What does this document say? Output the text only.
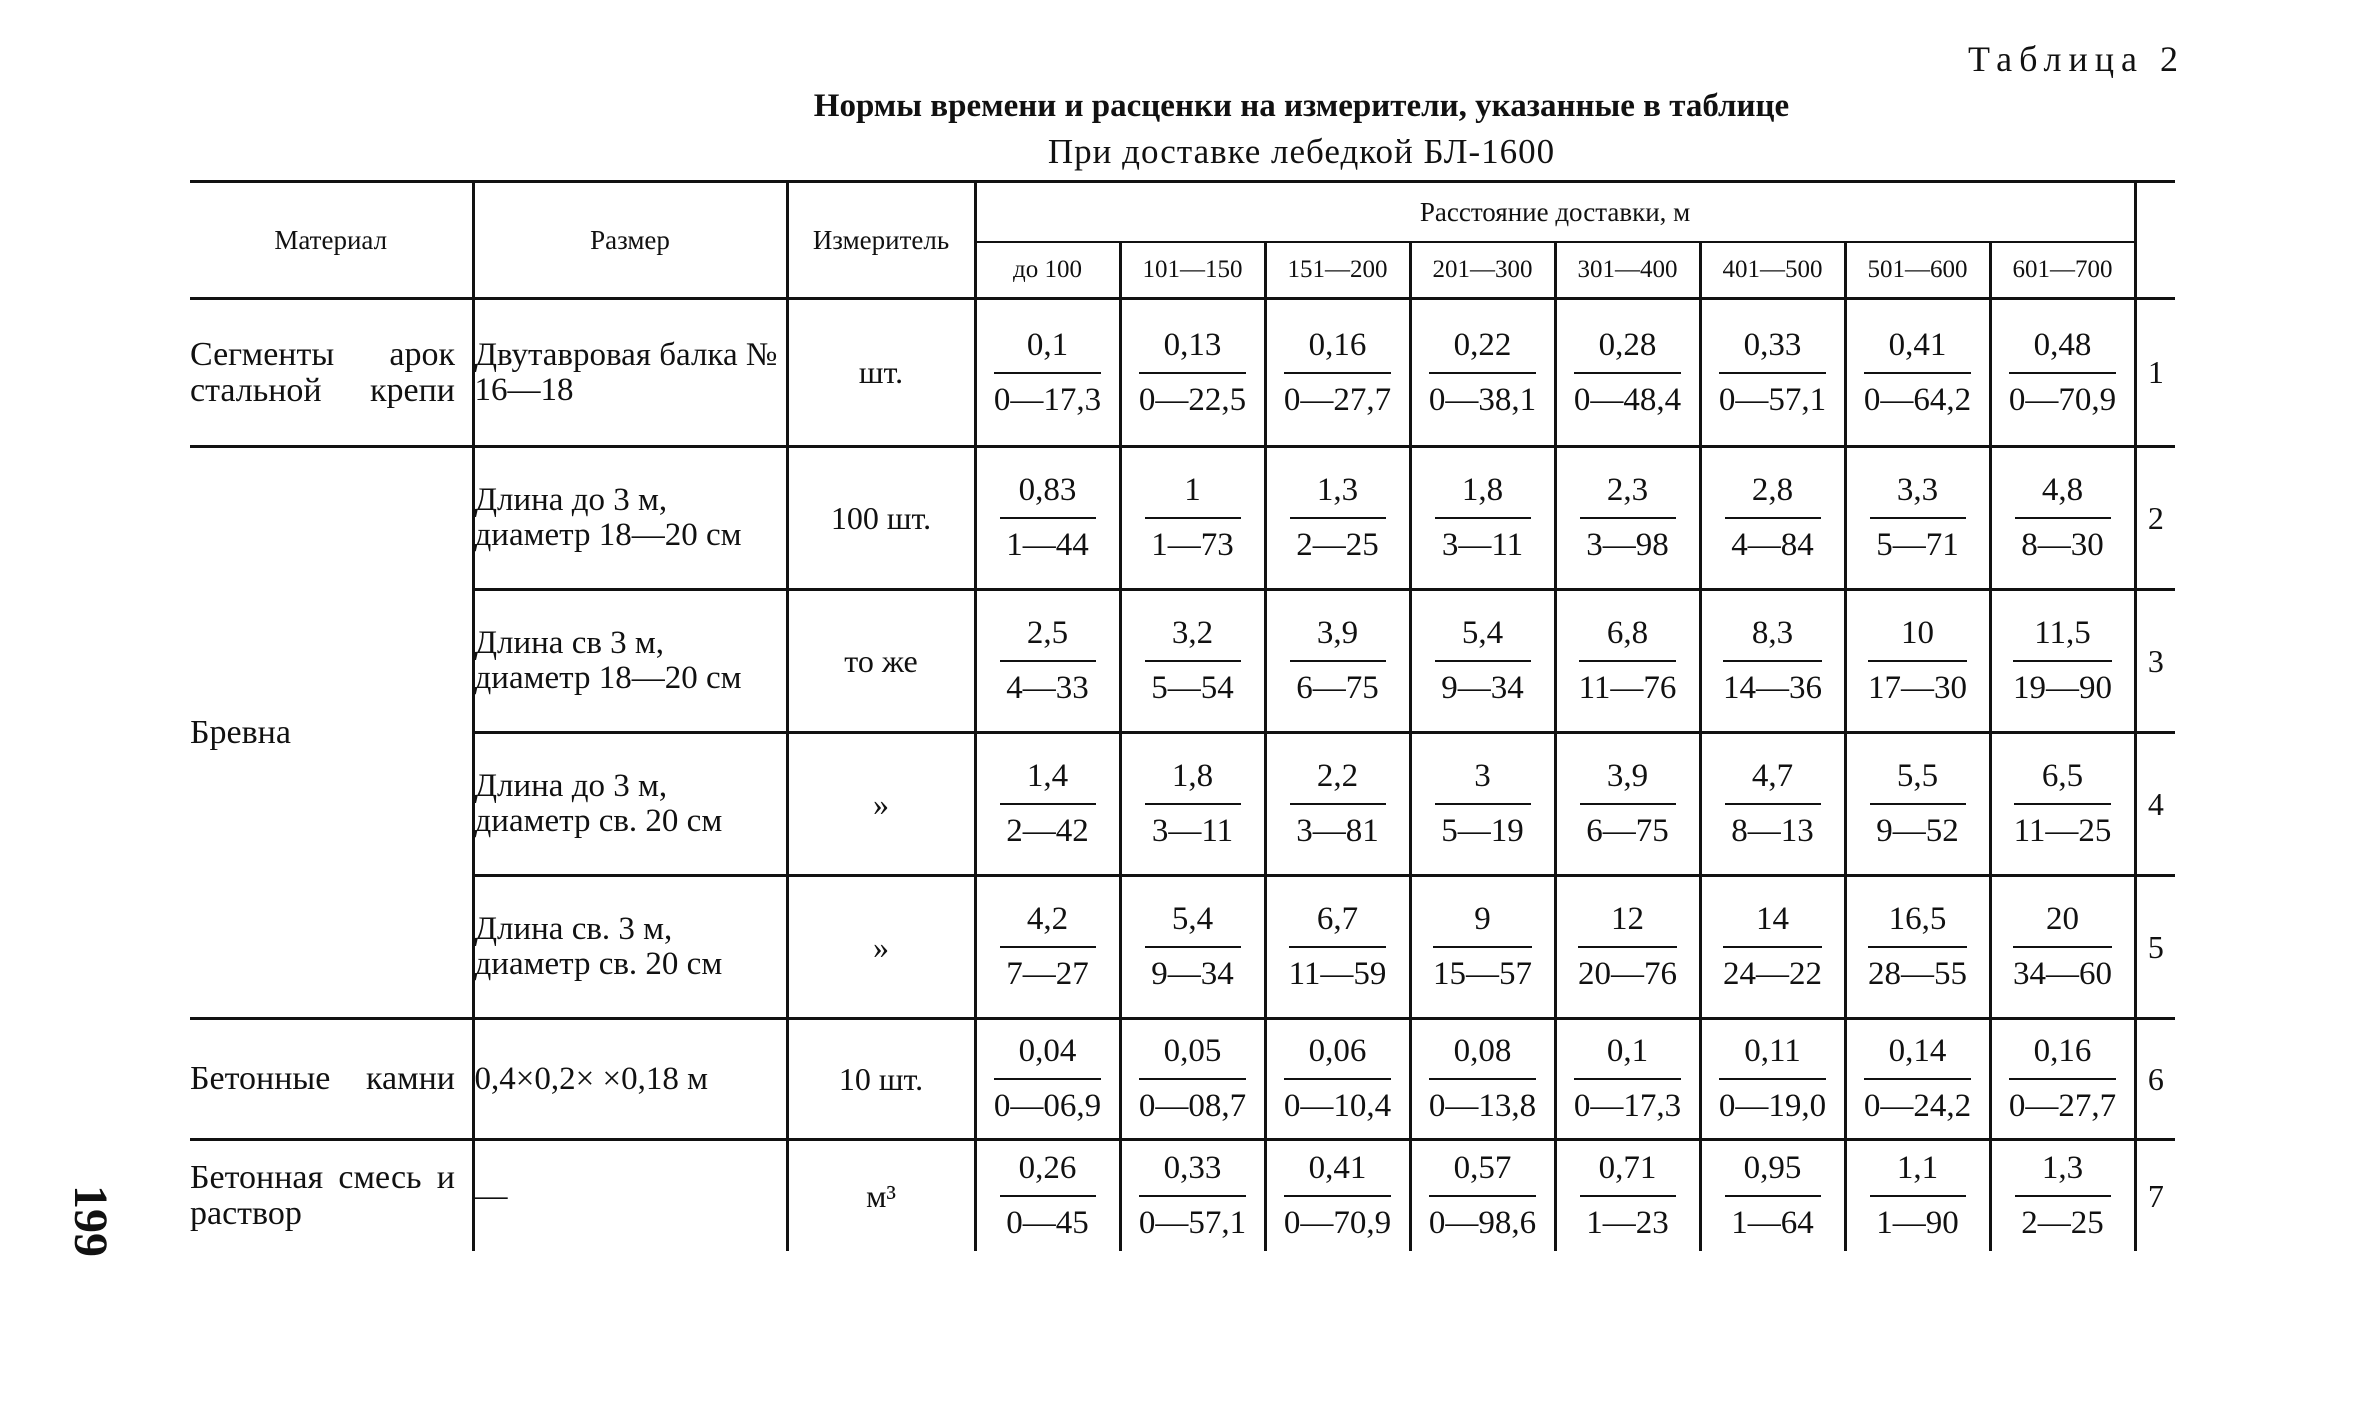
Таблица 2
Нормы времени и расценки на измерители, указанные в таблице
При доставке лебедкой БЛ-1600
199
Материал	Размер	Измеритель	Расстояние доставки, м								
			до 100	101—150	151—200	201—300	301—400	401—500	501—600	601—700	
Сегменты арок стальной крепи	Двутавровая балка № 16—18	шт.	$\frac{0,1}{0—17,3}$	$\frac{0,13}{0—22,5}$	$\frac{0,16}{0—27,7}$	$\frac{0,22}{0—38,1}$	$\frac{0,28}{0—48,4}$	$\frac{0,33}{0—57,1}$	$\frac{0,41}{0—64,2}$	$\frac{0,48}{0—70,9}$	1
Бревна	Длина до 3 м, диаметр 18—20 см	100 шт.	$\frac{0,83}{1—44}$	$\frac{1}{1—73}$	$\frac{1,3}{2—25}$	$\frac{1,8}{3—11}$	$\frac{2,3}{3—98}$	$\frac{2,8}{4—84}$	$\frac{3,3}{5—71}$	$\frac{4,8}{8—30}$	2
	Длина св 3 м, диаметр 18—20 см	то же	$\frac{2,5}{4—33}$	$\frac{3,2}{5—54}$	$\frac{3,9}{6—75}$	$\frac{5,4}{9—34}$	$\frac{6,8}{11—76}$	$\frac{8,3}{14—36}$	$\frac{10}{17—30}$	$\frac{11,5}{19—90}$	3
	Длина до 3 м, диаметр св. 20 см	»	$\frac{1,4}{2—42}$	$\frac{1,8}{3—11}$	$\frac{2,2}{3—81}$	$\frac{3}{5—19}$	$\frac{3,9}{6—75}$	$\frac{4,7}{8—13}$	$\frac{5,5}{9—52}$	$\frac{6,5}{11—25}$	4
	Длина св. 3 м, диаметр св. 20 см	»	$\frac{4,2}{7—27}$	$\frac{5,4}{9—34}$	$\frac{6,7}{11—59}$	$\frac{9}{15—57}$	$\frac{12}{20—76}$	$\frac{14}{24—22}$	$\frac{16,5}{28—55}$	$\frac{20}{34—60}$	5
Бетонные камни	0,4×0,2× ×0,18 м	10 шт.	$\frac{0,04}{0—06,9}$	$\frac{0,05}{0—08,7}$	$\frac{0,06}{0—10,4}$	$\frac{0,08}{0—13,8}$	$\frac{0,1}{0—17,3}$	$\frac{0,11}{0—19,0}$	$\frac{0,14}{0—24,2}$	$\frac{0,16}{0—27,7}$	6
Бетонная смесь и раствор	—	м³	$\frac{0,26}{0—45}$	$\frac{0,33}{0—57,1}$	$\frac{0,41}{0—70,9}$	$\frac{0,57}{0—98,6}$	$\frac{0,71}{1—23}$	$\frac{0,95}{1—64}$	$\frac{1,1}{1—90}$	$\frac{1,3}{2—25}$	7
